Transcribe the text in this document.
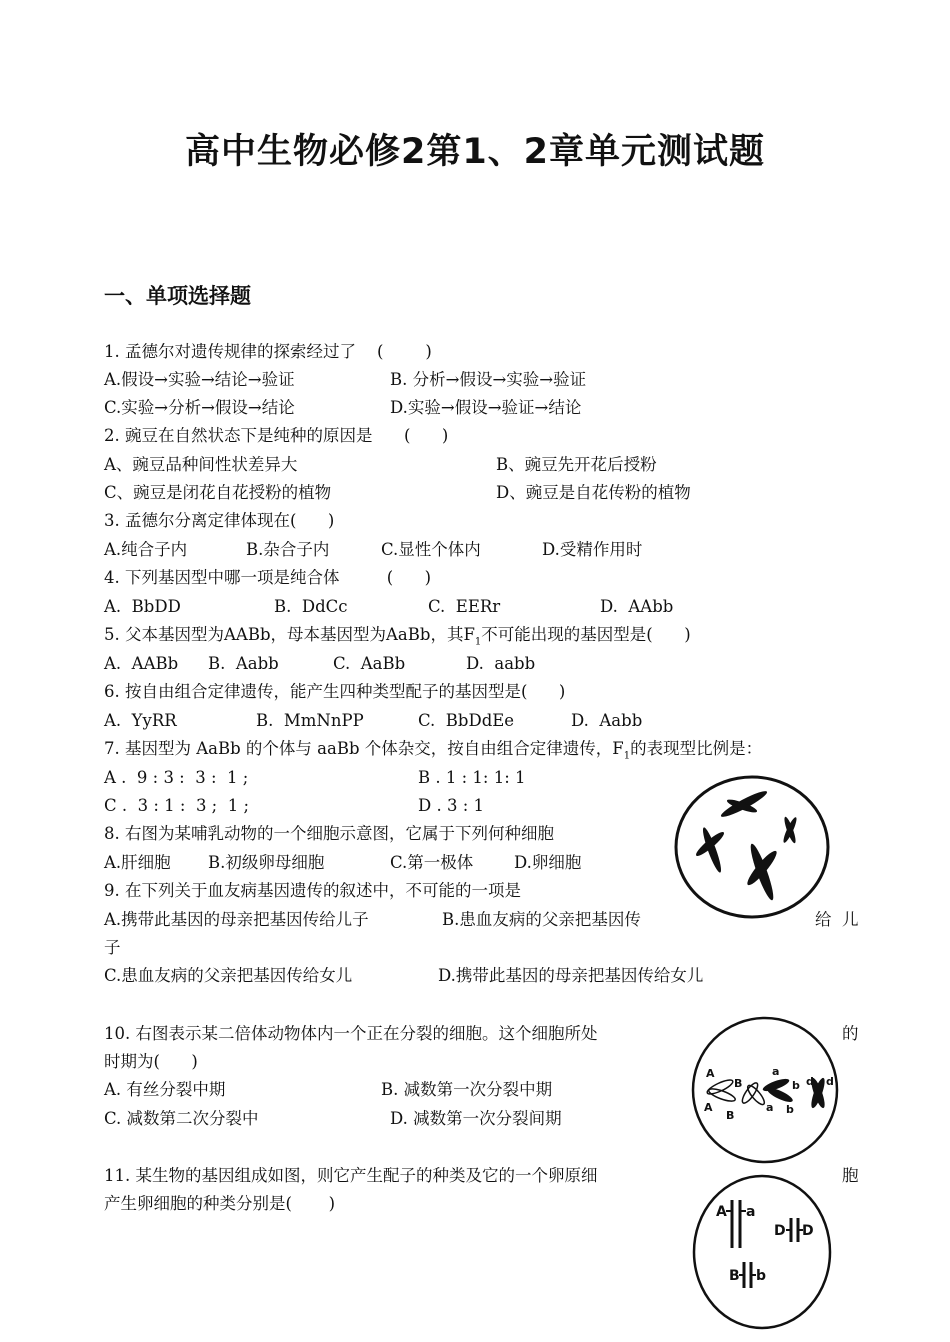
高中生物必修2第1、2章单元测试题
一、单项选择题
1. 孟德尔对遗传规律的探索经过了    (        )
A.假设→实验→结论→验证	B. 分析→假设→实验→验证
C.实验→分析→假设→结论	D.实验→假设→验证→结论
2. 豌豆在自然状态下是纯种的原因是      (      )
A、豌豆品种间性状差异大	B、豌豆先开花后授粉
C、豌豆是闭花自花授粉的植物	D、豌豆是自花传粉的植物
3. 孟德尔分离定律体现在(      )
A.纯合子内	B.杂合子内	C.显性个体内	D.受精作用时
4. 下列基因型中哪一项是纯合体         (      )
A.  BbDD	B.  DdCc	C.  EERr	D.  AAbb
5. 父本基因型为AABb，母本基因型为AaBb，其$F_1$不可能出现的基因型是(      )
A.  AABb B.  Aabb	C.  AaBb	D.  aabb
6. 按自由组合定律遗传，能产生四种类型配子的基因型是(      )
A.  YyRR	B.  MmNnPP	C.  BbDdEe	D.  Aabb
7. 基因型为 AaBb 的个体与 aaBb 个体杂交，按自由组合定律遗传，$F_1$的表现型比例是：
A .  9 : 3 :  3 :  1 ;	B . 1 : 1: 1: 1
C .  3 : 1 :  3 ;  1 ;	D . 3 : 1
8. 右图为某哺乳动物的一个细胞示意图，它属于下列何种细胞
A.肝细胞 B.初级卵母细胞	C.第一极体 D.卵细胞
9. 在下列关于血友病基因遗传的叙述中，不可能的一项是
A.携带此基因的母亲把基因传给儿子	B.患血友病的父亲把基因传	给  儿
子
C.患血友病的父亲把基因传给女儿	D.携带此基因的母亲把基因传给女儿
10. 右图表示某二倍体动物体内一个正在分裂的细胞。这个细胞所处	的
时期为(      )
A. 有丝分裂中期	B. 减数第一次分裂中期
C. 减数第二次分裂中	D. 减数第一次分裂间期
11. 某生物的基因组成如图，则它产生配子的种类及它的一个卵原细	胞
产生卵细胞的种类分别是(       )
A
B
A
B
a
b
a b
d d
A a
D D
B b
